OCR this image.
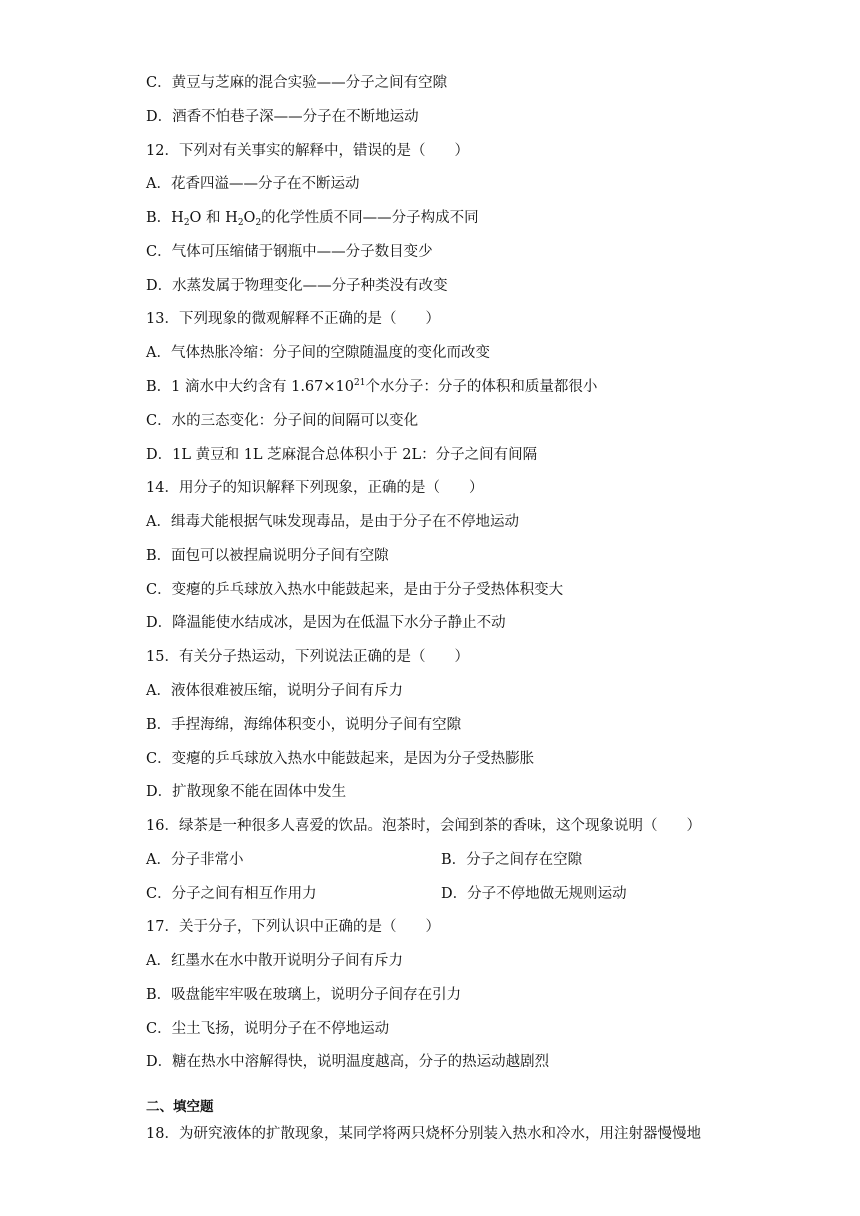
C．黄豆与芝麻的混合实验——分子之间有空隙
D．酒香不怕巷子深——分子在不断地运动
12．下列对有关事实的解释中，错误的是（　　）
A．花香四溢——分子在不断运动
B．$H_2O$ 和 $H_2O_2$的化学性质不同——分子构成不同
C．气体可压缩储于钢瓶中——分子数目变少
D．水蒸发属于物理变化——分子种类没有改变
13．下列现象的微观解释不正确的是（　　）
A．气体热胀冷缩：分子间的空隙随温度的变化而改变
B．1 滴水中大约含有 $1.67\times 10^{21}$个水分子：分子的体积和质量都很小
C．水的三态变化：分子间的间隔可以变化
D．1L 黄豆和 1L 芝麻混合总体积小于 2L：分子之间有间隔
14．用分子的知识解释下列现象，正确的是（　　）
A．缉毒犬能根据气味发现毒品，是由于分子在不停地运动
B．面包可以被捏扁说明分子间有空隙
C．变瘪的乒乓球放入热水中能鼓起来，是由于分子受热体积变大
D．降温能使水结成冰，是因为在低温下水分子静止不动
15．有关分子热运动，下列说法正确的是（　　）
A．液体很难被压缩，说明分子间有斥力
B．手捏海绵，海绵体积变小，说明分子间有空隙
C．变瘪的乒乓球放入热水中能鼓起来，是因为分子受热膨胀
D．扩散现象不能在固体中发生
16．绿茶是一种很多人喜爱的饮品。泡茶时，会闻到茶的香味，这个现象说明（　　）
A．分子非常小	B．分子之间存在空隙
C．分子之间有相互作用力	D．分子不停地做无规则运动
17．关于分子，下列认识中正确的是（　　）
A．红墨水在水中散开说明分子间有斥力
B．吸盘能牢牢吸在玻璃上，说明分子间存在引力
C．尘土飞扬，说明分子在不停地运动
D．糖在热水中溶解得快，说明温度越高，分子的热运动越剧烈
二、填空题
18．为研究液体的扩散现象，某同学将两只烧杯分别装入热水和冷水，用注射器慢慢地
